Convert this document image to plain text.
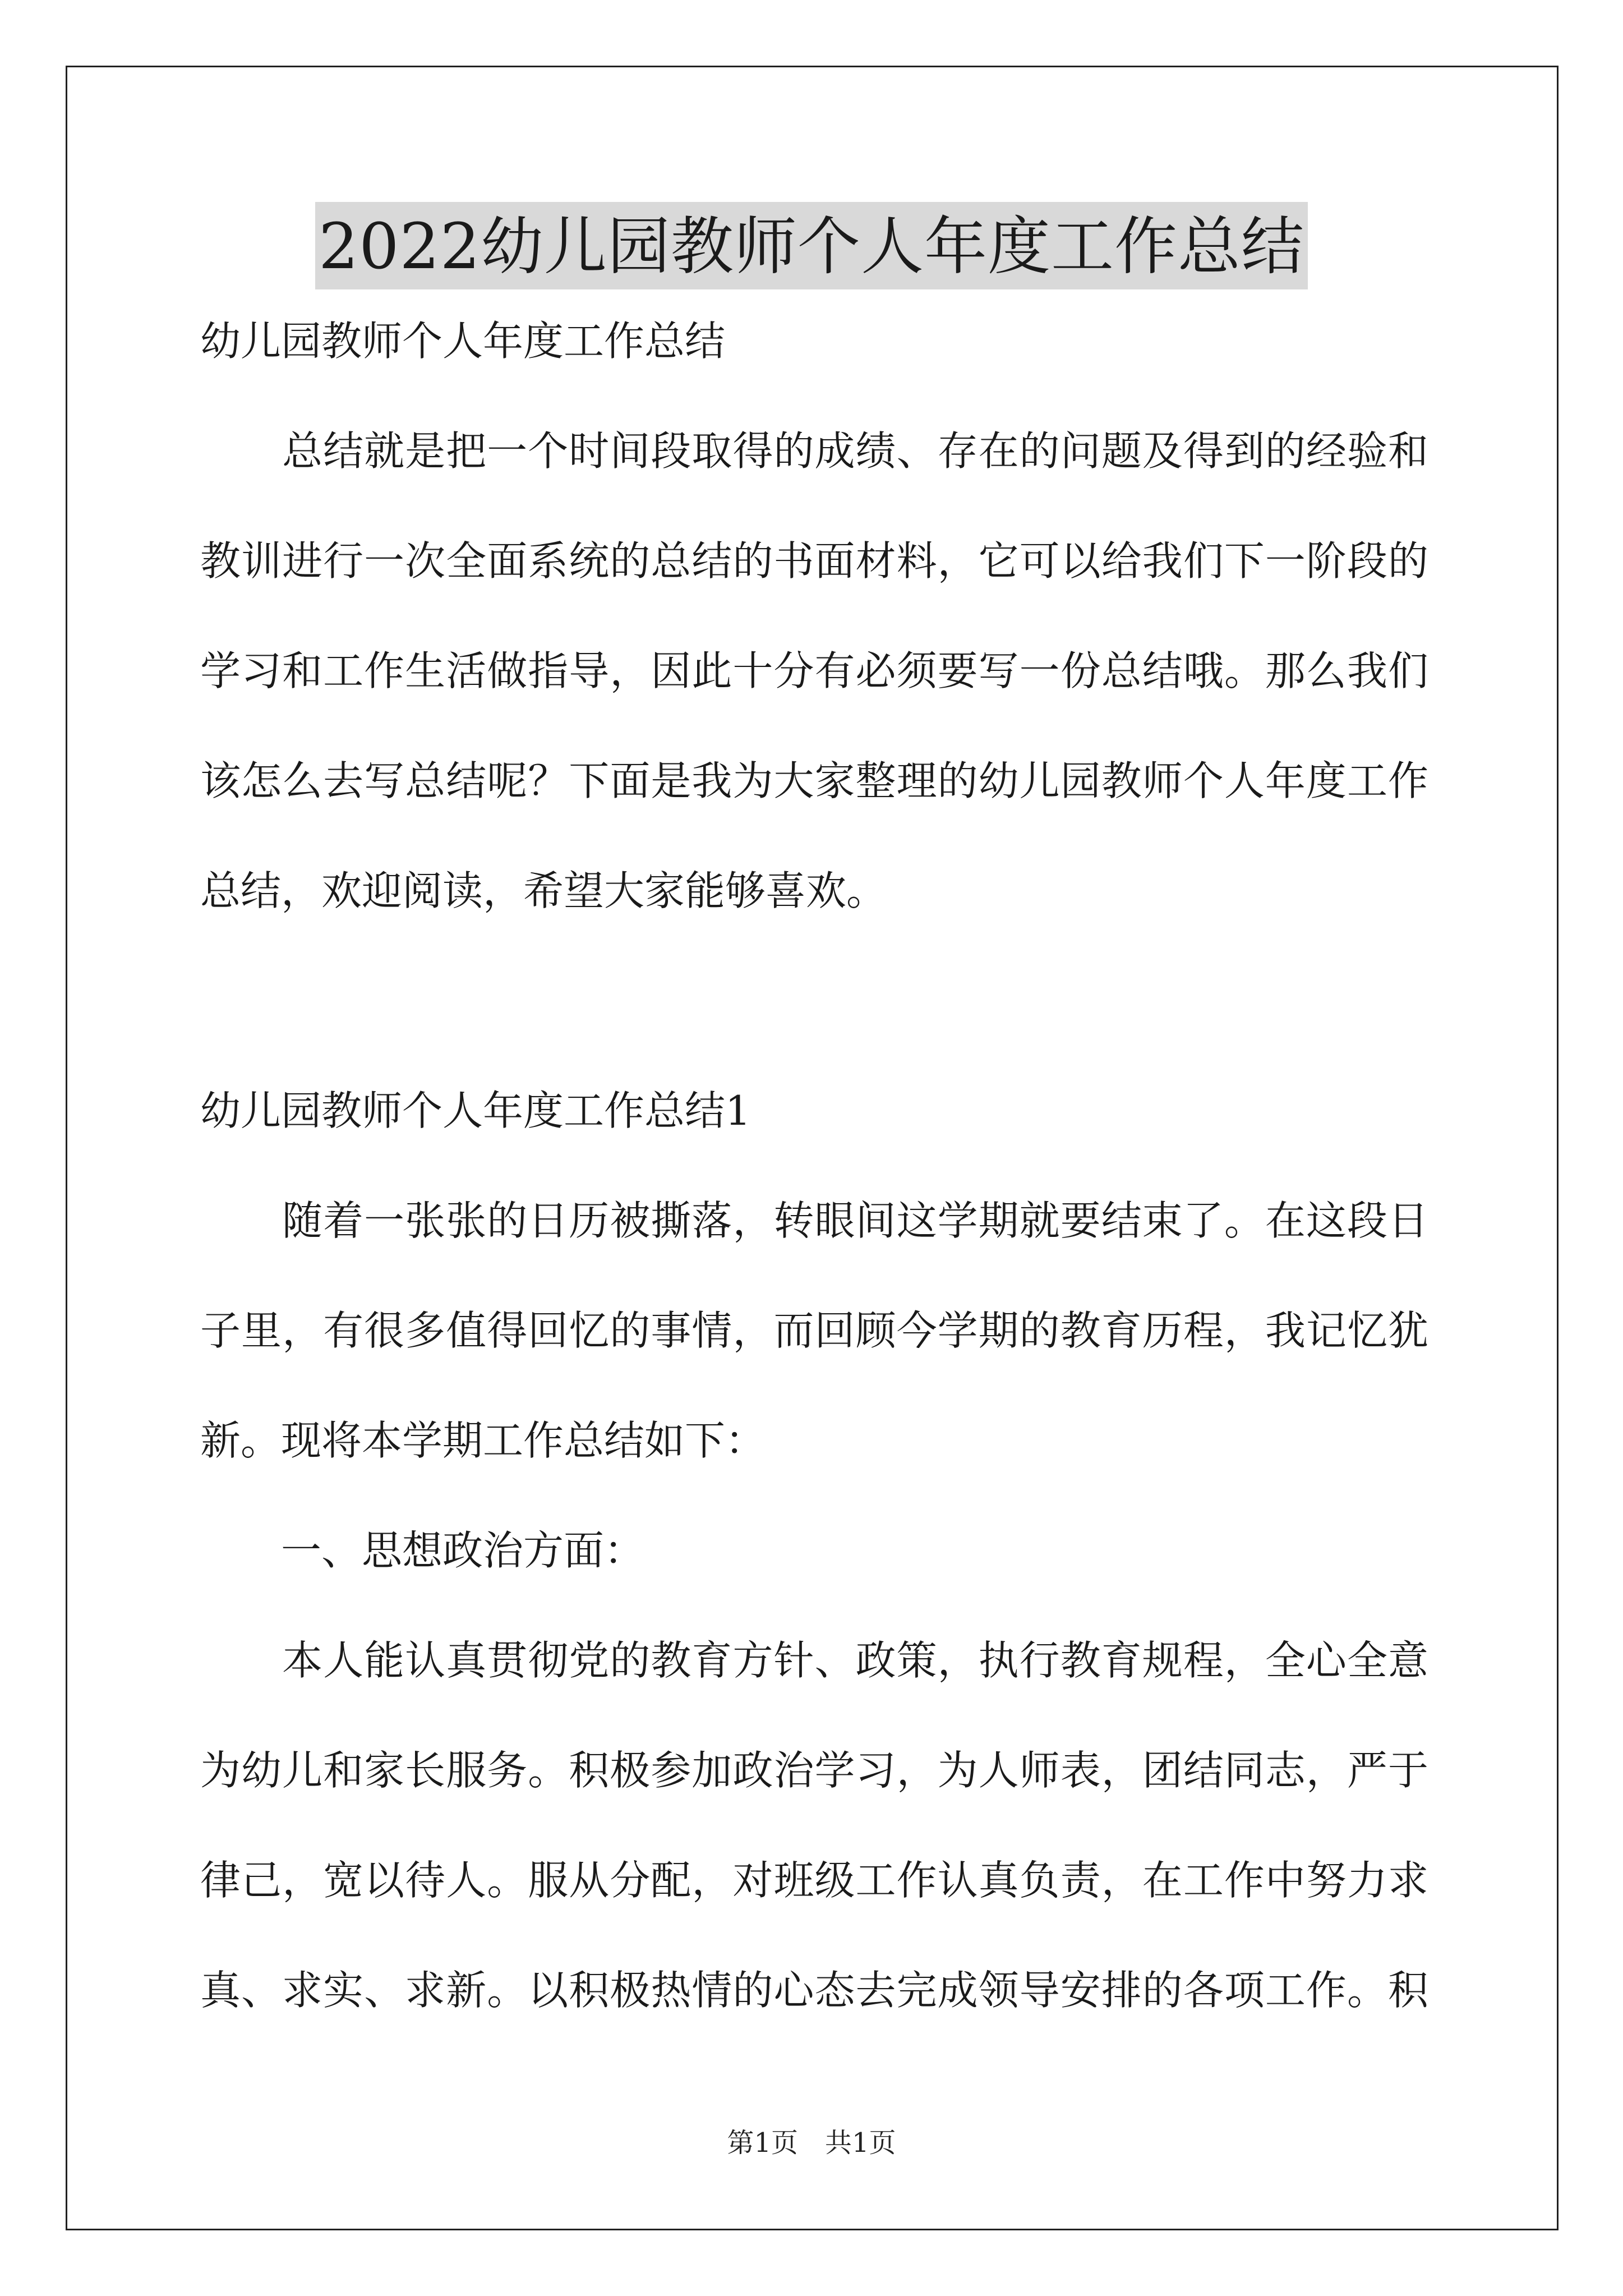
2022幼儿园教师个人年度工作总结
幼儿园教师个人年度工作总结
　　总结就是把一个时间段取得的成绩、存在的问题及得到的经验和
教训进行一次全面系统的总结的书面材料，它可以给我们下一阶段的
学习和工作生活做指导，因此十分有必须要写一份总结哦。那么我们
该怎么去写总结呢？下面是我为大家整理的幼儿园教师个人年度工作
总结，欢迎阅读，希望大家能够喜欢。
幼儿园教师个人年度工作总结1
　　随着一张张的日历被撕落，转眼间这学期就要结束了。在这段日
子里，有很多值得回忆的事情，而回顾今学期的教育历程，我记忆犹
新。现将本学期工作总结如下：
　　一、思想政治方面：
　　本人能认真贯彻党的教育方针、政策，执行教育规程，全心全意
为幼儿和家长服务。积极参加政治学习，为人师表，团结同志，严于
律己，宽以待人。服从分配，对班级工作认真负责，在工作中努力求
真、求实、求新。以积极热情的心态去完成领导安排的各项工作。积
第1页　共1页
